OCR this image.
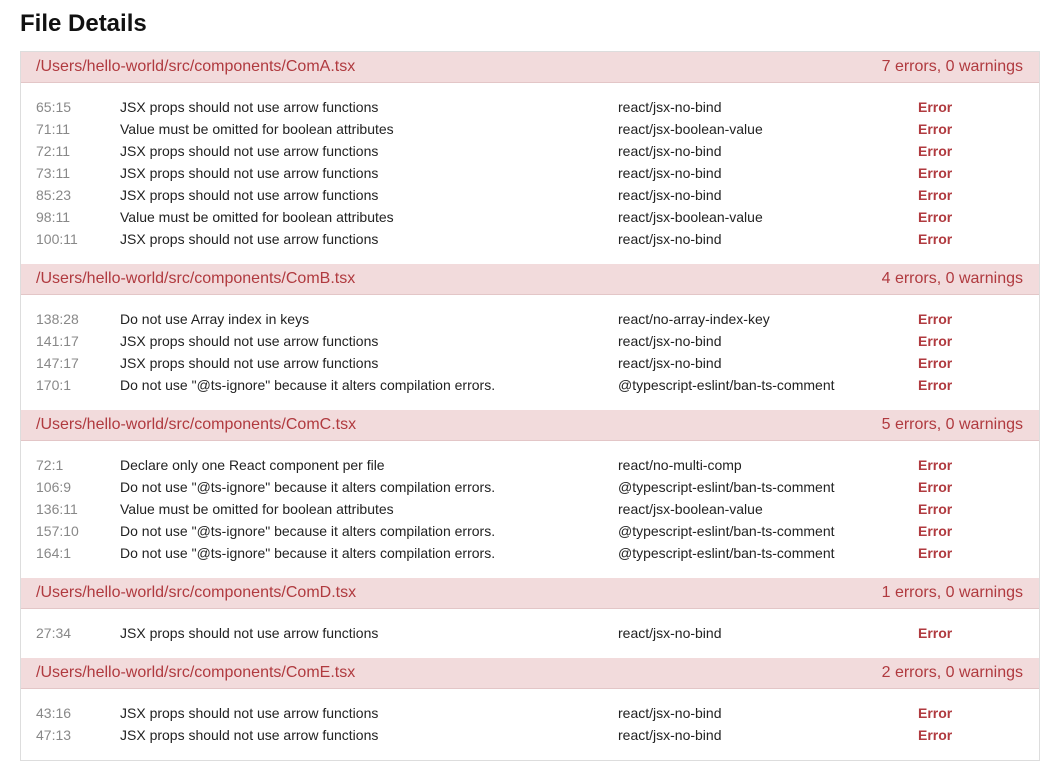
File Details
/Users/hello-world/src/components/ComA.tsx	7 errors, 0 warnings
65:15	JSX props should not use arrow functions	react/jsx-no-bind	Error
71:11	Value must be omitted for boolean attributes	react/jsx-boolean-value	Error
72:11	JSX props should not use arrow functions	react/jsx-no-bind	Error
73:11	JSX props should not use arrow functions	react/jsx-no-bind	Error
85:23	JSX props should not use arrow functions	react/jsx-no-bind	Error
98:11	Value must be omitted for boolean attributes	react/jsx-boolean-value	Error
100:11	JSX props should not use arrow functions	react/jsx-no-bind	Error
/Users/hello-world/src/components/ComB.tsx	4 errors, 0 warnings
138:28	Do not use Array index in keys	react/no-array-index-key	Error
141:17	JSX props should not use arrow functions	react/jsx-no-bind	Error
147:17	JSX props should not use arrow functions	react/jsx-no-bind	Error
170:1	Do not use "@ts-ignore" because it alters compilation errors.	@typescript-eslint/ban-ts-comment	Error
/Users/hello-world/src/components/ComC.tsx	5 errors, 0 warnings
72:1	Declare only one React component per file	react/no-multi-comp	Error
106:9	Do not use "@ts-ignore" because it alters compilation errors.	@typescript-eslint/ban-ts-comment	Error
136:11	Value must be omitted for boolean attributes	react/jsx-boolean-value	Error
157:10	Do not use "@ts-ignore" because it alters compilation errors.	@typescript-eslint/ban-ts-comment	Error
164:1	Do not use "@ts-ignore" because it alters compilation errors.	@typescript-eslint/ban-ts-comment	Error
/Users/hello-world/src/components/ComD.tsx	1 errors, 0 warnings
27:34	JSX props should not use arrow functions	react/jsx-no-bind	Error
/Users/hello-world/src/components/ComE.tsx	2 errors, 0 warnings
43:16	JSX props should not use arrow functions	react/jsx-no-bind	Error
47:13	JSX props should not use arrow functions	react/jsx-no-bind	Error
